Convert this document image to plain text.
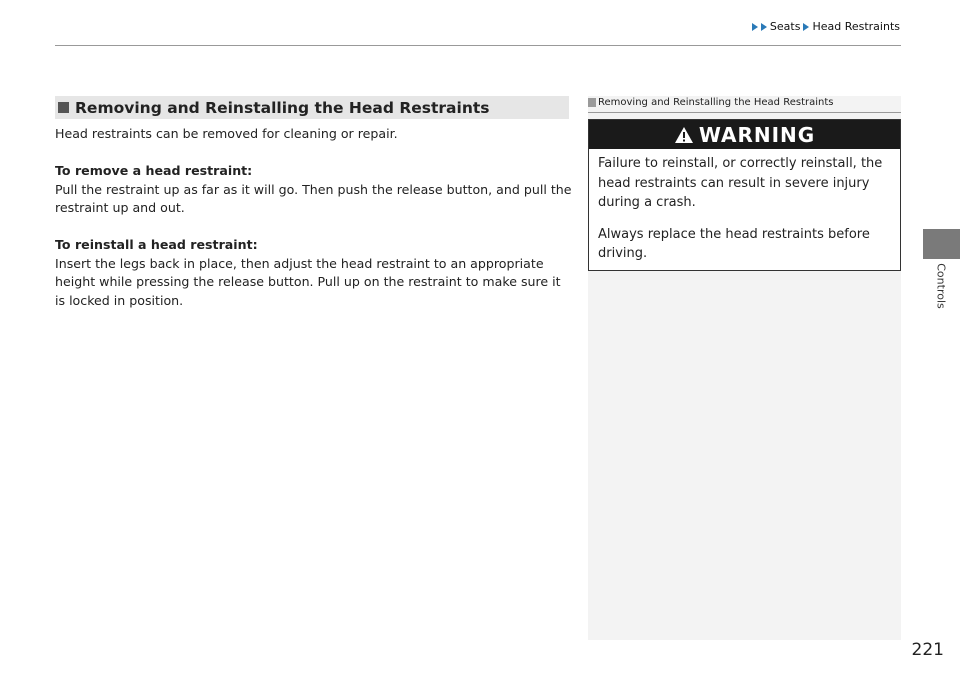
Seats Head Restraints
Controls
Removing and Reinstalling the Head Restraints

Head restraints can be removed for cleaning or repair.

To remove a head restraint:

Pull the restraint up as far as it will go. Then push the release button, and pull the restraint up and out.

To reinstall a head restraint:

Insert the legs back in place, then adjust the head restraint to an appropriate height while pressing the release button. Pull up on the restraint to make sure it is locked in position.

Removing and Reinstalling the Head Restraints
WARNING

Failure to reinstall, or correctly reinstall, the head restraints can result in severe injury during a crash.

Always replace the head restraints before driving.

221
